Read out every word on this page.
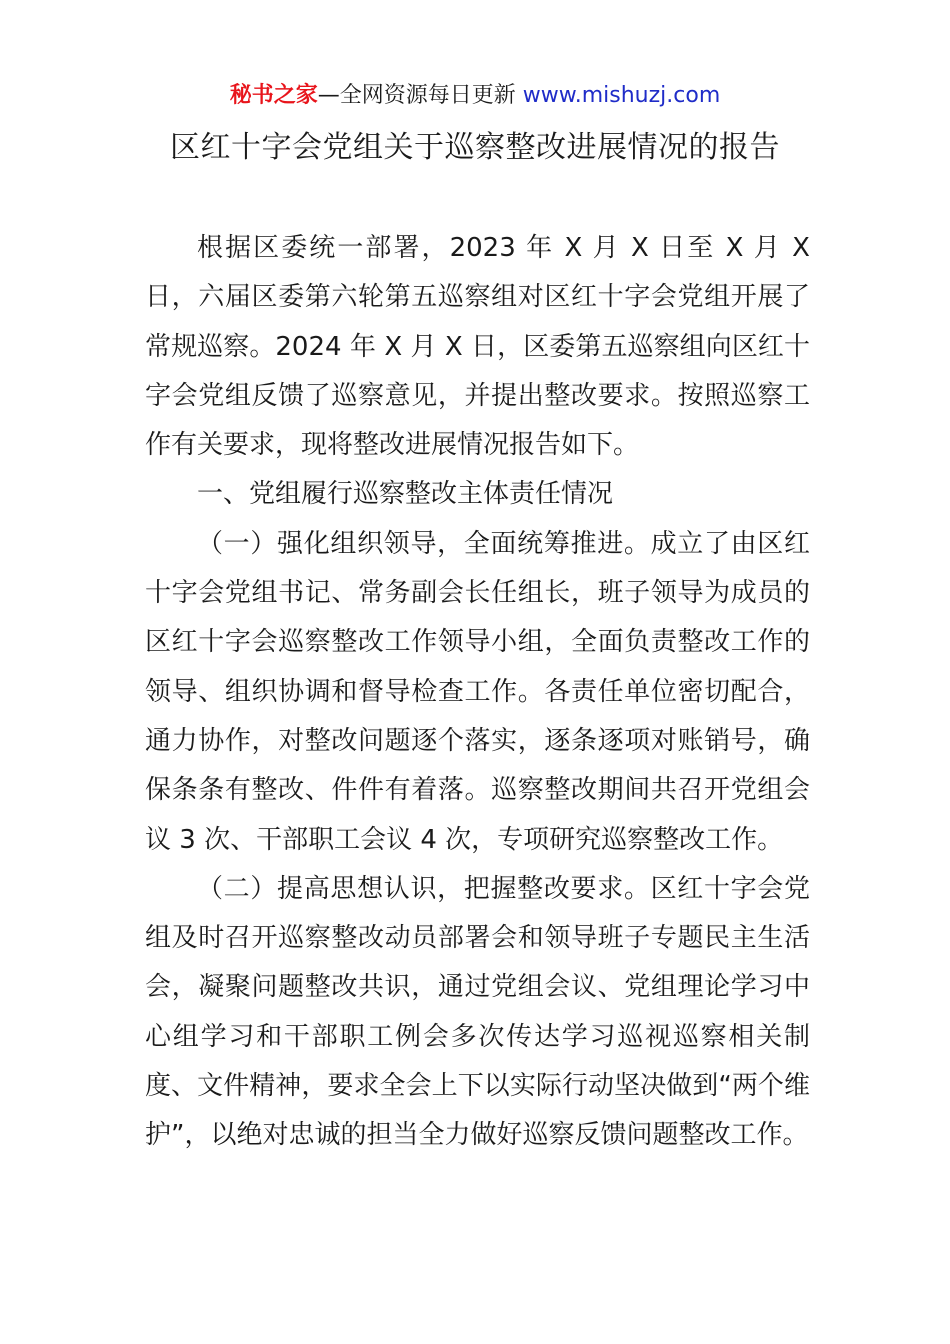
秘书之家—全网资源每日更新 www.mishuzj.com
区红十字会党组关于巡察整改进展情况的报告

根据区委统一部署，2023 年 X 月 X 日至 X 月 X 日，六届区委第六轮第五巡察组对区红十字会党组开展了常规巡察。2024 年 X 月 X 日，区委第五巡察组向区红十字会党组反馈了巡察意见，并提出整改要求。按照巡察工作有关要求，现将整改进展情况报告如下。

一、党组履行巡察整改主体责任情况

（一）强化组织领导，全面统筹推进。成立了由区红十字会党组书记、常务副会长任组长，班子领导为成员的区红十字会巡察整改工作领导小组，全面负责整改工作的领导、组织协调和督导检查工作。各责任单位密切配合，通力协作，对整改问题逐个落实，逐条逐项对账销号，确保条条有整改、件件有着落。巡察整改期间共召开党组会议 3 次、干部职工会议 4 次，专项研究巡察整改工作。

（二）提高思想认识，把握整改要求。区红十字会党组及时召开巡察整改动员部署会和领导班子专题民主生活会，凝聚问题整改共识，通过党组会议、党组理论学习中心组学习和干部职工例会多次传达学习巡视巡察相关制度、文件精神，要求全会上下以实际行动坚决做到“两个维护”，以绝对忠诚的担当全力做好巡察反馈问题整改工作。
